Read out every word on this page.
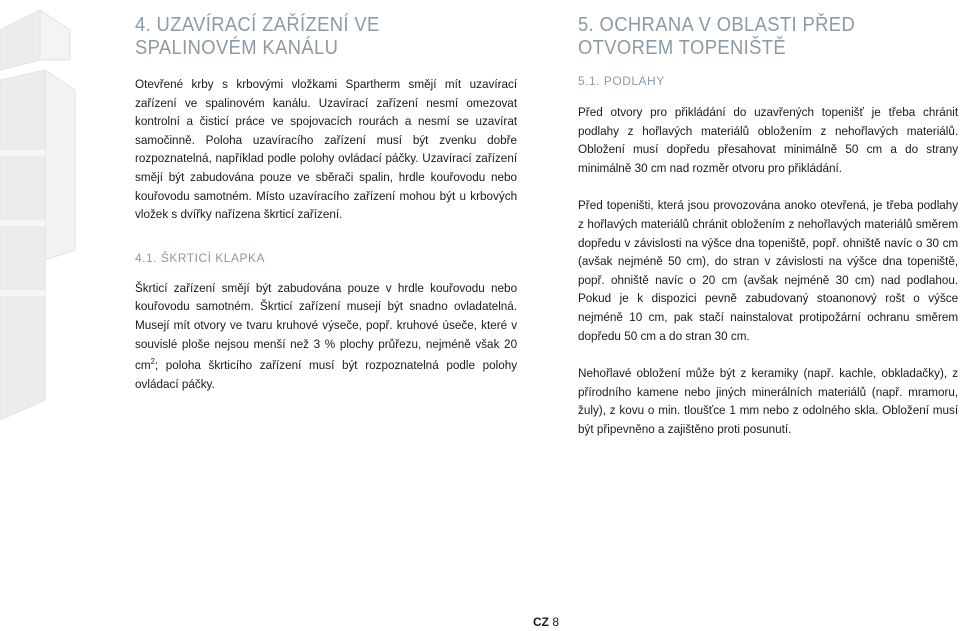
4. UZAVÍRACÍ ZAŘÍZENÍ VE
SPALINOVÉM KANÁLU

Otevřené krby s krbovými vložkami Spartherm smějí mít uzavírací zařízení ve spalinovém kanálu. Uzavírací zařízení nesmí omezovat kontrolní a čisticí práce ve spojovacích rourách a nesmí se uzavírat samočinně. Poloha uzavíracího zařízení musí být zvenku dobře rozpoznatelná, například podle polohy ovládací páčky. Uzavírací zařízení smějí být zabudována pouze ve sběrači spalin, hrdle kouřovodu nebo kouřovodu samotném. Místo uzavíracího zařízení mohou být u krbových vložek s dvířky nařízena škrticí zařízení.

4.1. ŠKRTICÍ KLAPKA

Škrticí zařízení smějí být zabudována pouze v hrdle kouřovodu nebo kouřovodu samotném. Škrticí zařízení musejí být snadno ovladatelná. Musejí mít otvory ve tvaru kruhové výseče, popř. kruhové úseče, které v souvislé ploše nejsou menší než 3 % plochy průřezu, nejméně však 20 $cm^2$; poloha škrticího zařízení musí být rozpoznatelná podle polohy ovládací páčky.

5. OCHRANA V OBLASTI PŘED
OTVOREM TOPENIŠTĚ

5.1. PODLAHY

Před otvory pro přikládání do uzavřených topenišť je třeba chránit podlahy z hořlavých materiálů obložením z nehořlavých materiálů. Obložení musí dopředu přesahovat minimálně 50 cm a do strany minimálně 30 cm nad rozměr otvoru pro přikládání.

Před topeništi, která jsou provozována anoko otevřená, je třeba podlahy z hořlavých materiálů chránit obložením z nehořlavých materiálů směrem dopředu v závislosti na výšce dna topeniště, popř. ohniště navíc o 30 cm (avšak nejméně 50 cm), do stran v závislosti na výšce dna topeniště, popř. ohniště navíc o 20 cm (avšak nejméně 30 cm) nad podlahou. Pokud je k dispozici pevně zabudovaný stoanonový rošt o výšce nejméně 10 cm, pak stačí nainstalovat protipožární ochranu směrem dopředu 50 cm a do stran 30 cm.

Nehořlavé obložení může být z keramiky (např. kachle, obkladačky), z přírodního kamene nebo jiných minerálních materiálů (např. mramoru, žuly), z kovu o min. tloušťce 1 mm nebo z odolného skla. Obložení musí být připevněno a zajištěno proti posunutí.

CZ 8
